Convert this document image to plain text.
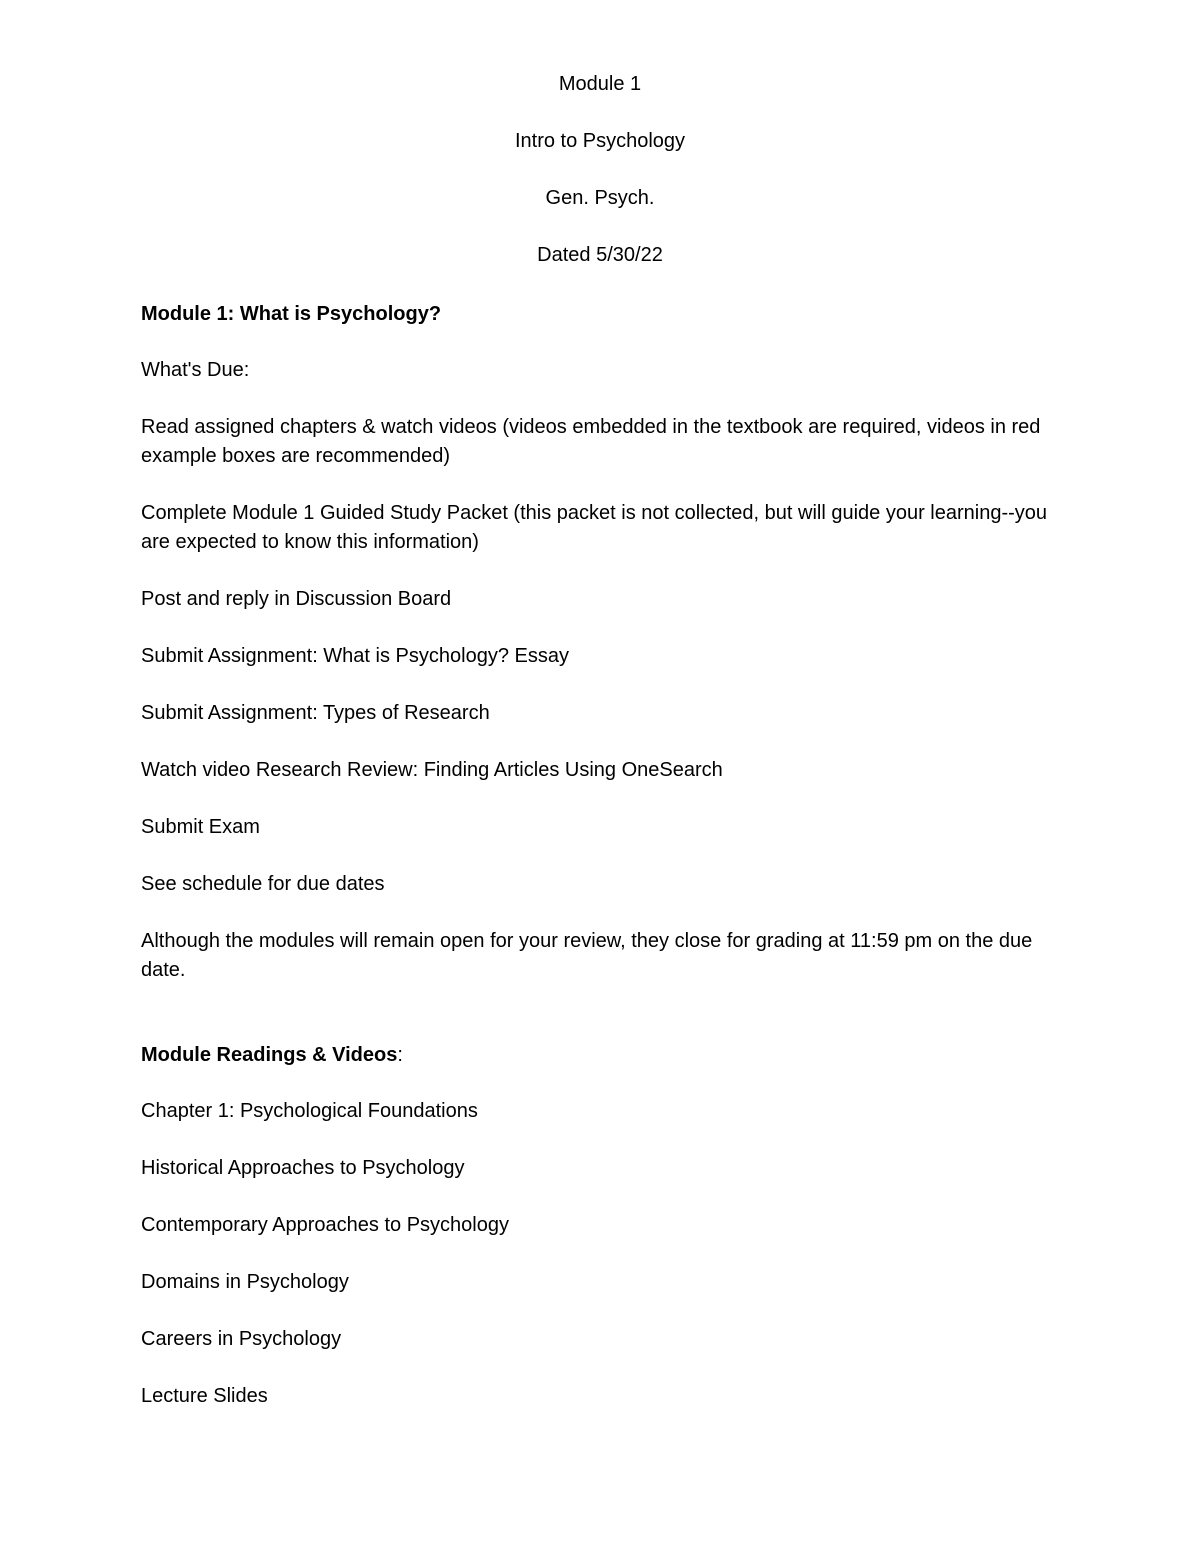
Module 1

Intro to Psychology

Gen. Psych.

Dated 5/30/22

Module 1: What is Psychology?

What's Due:

Read assigned chapters & watch videos (videos embedded in the textbook are required, videos in red example boxes are recommended)

Complete Module 1 Guided Study Packet (this packet is not collected, but will guide your learning--you are expected to know this information)

Post and reply in Discussion Board

Submit Assignment: What is Psychology? Essay

Submit Assignment: Types of Research

Watch video Research Review: Finding Articles Using OneSearch

Submit Exam

See schedule for due dates

Although the modules will remain open for your review, they close for grading at 11:59 pm on the due date.

Module Readings & Videos:

Chapter 1: Psychological Foundations

Historical Approaches to Psychology

Contemporary Approaches to Psychology

Domains in Psychology

Careers in Psychology

Lecture Slides
